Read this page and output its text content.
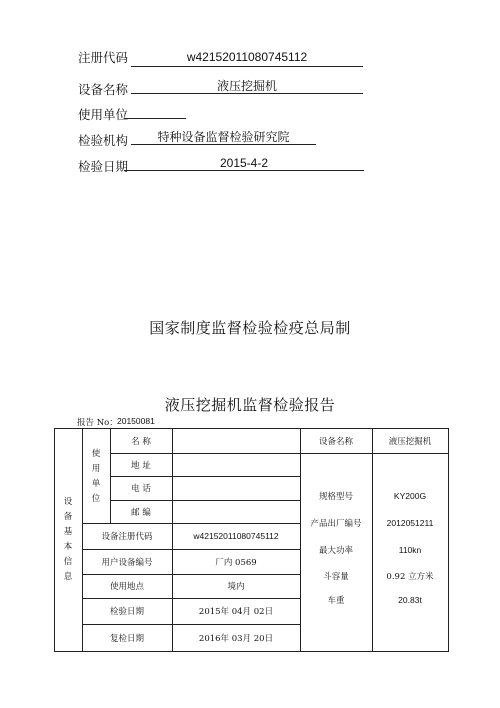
注册代码	w42152011080745112
设备名称	液压挖掘机
使用单位
检验机构	特种设备监督检验研究院
检验日期	2015-4-2
国家制度监督检验检疫总局制
液压挖掘机监督检验报告
报告 No： 20150081
设
备
基
本
信
息
使
用
单
位
名 称
地 址
电 话
邮 编
设备注册代码	w42152011080745112
用户设备编号	厂内 0569
使用地点	境内
检验日期	2015年 04月 02日
复检日期	2016年 03月 20日
设备名称	液压挖掘机
规格型号	KY200G
产品出厂编号	2012051211
最大功率	110kn
斗容量	0.92 立方米
车重	20.83t
